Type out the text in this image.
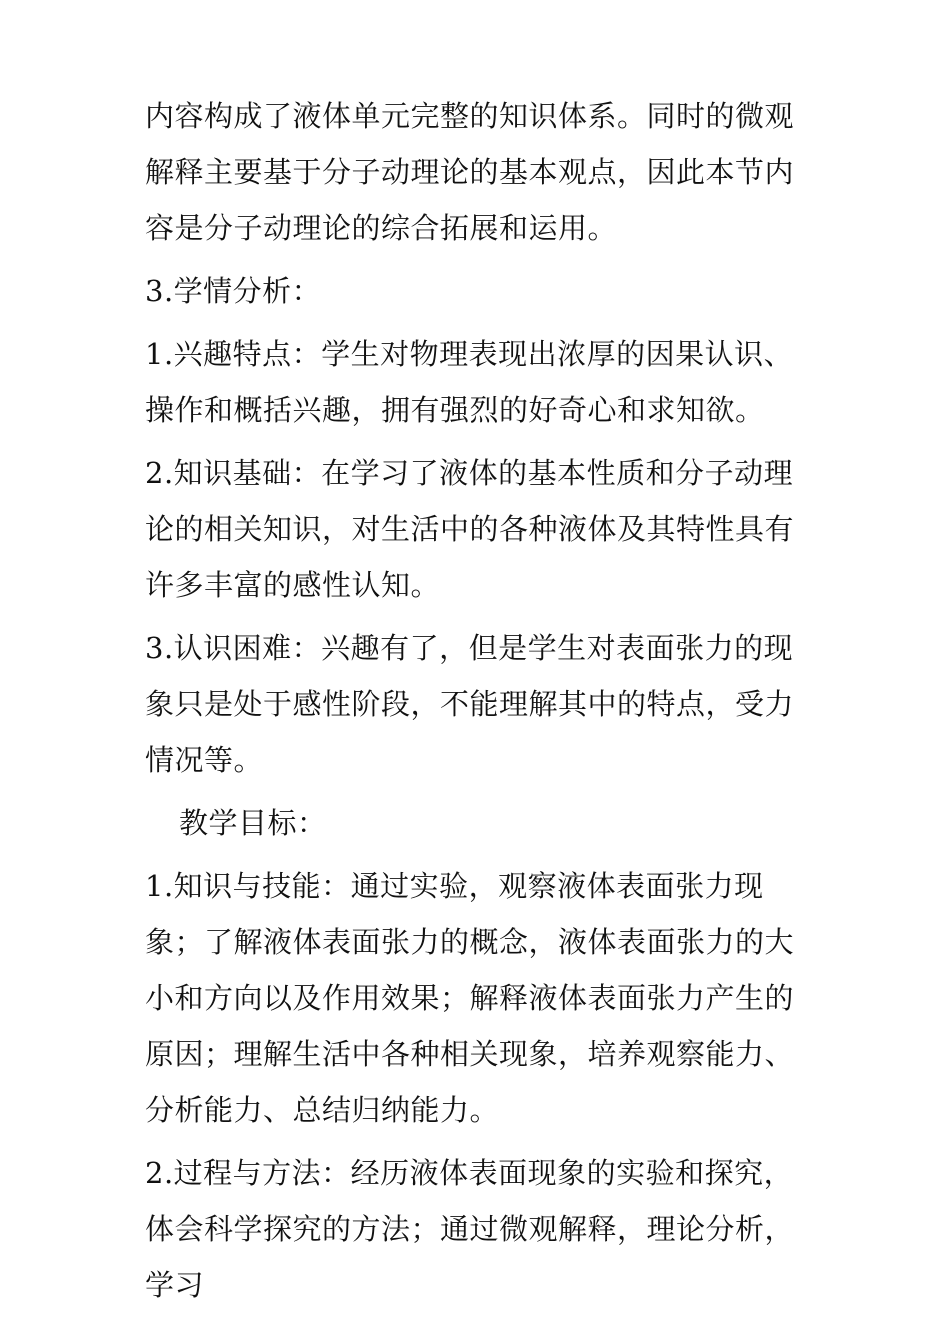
内容构成了液体单元完整的知识体系。同时的微观解释主要基于分子动理论的基本观点，因此本节内容是分子动理论的综合拓展和运用。

3.学情分析：

1.兴趣特点：学生对物理表现出浓厚的因果认识、操作和概括兴趣，拥有强烈的好奇心和求知欲。

2.知识基础：在学习了液体的基本性质和分子动理论的相关知识，对生活中的各种液体及其特性具有许多丰富的感性认知。

3.认识困难：兴趣有了，但是学生对表面张力的现象只是处于感性阶段，不能理解其中的特点，受力情况等。

教学目标：

1.知识与技能：通过实验，观察液体表面张力现象；了解液体表面张力的概念，液体表面张力的大小和方向以及作用效果；解释液体表面张力产生的原因；理解生活中各种相关现象，培养观察能力、分析能力、总结归纳能力。

2.过程与方法：经历液体表面现象的实验和探究，体会科学探究的方法；通过微观解释，理论分析，学习
